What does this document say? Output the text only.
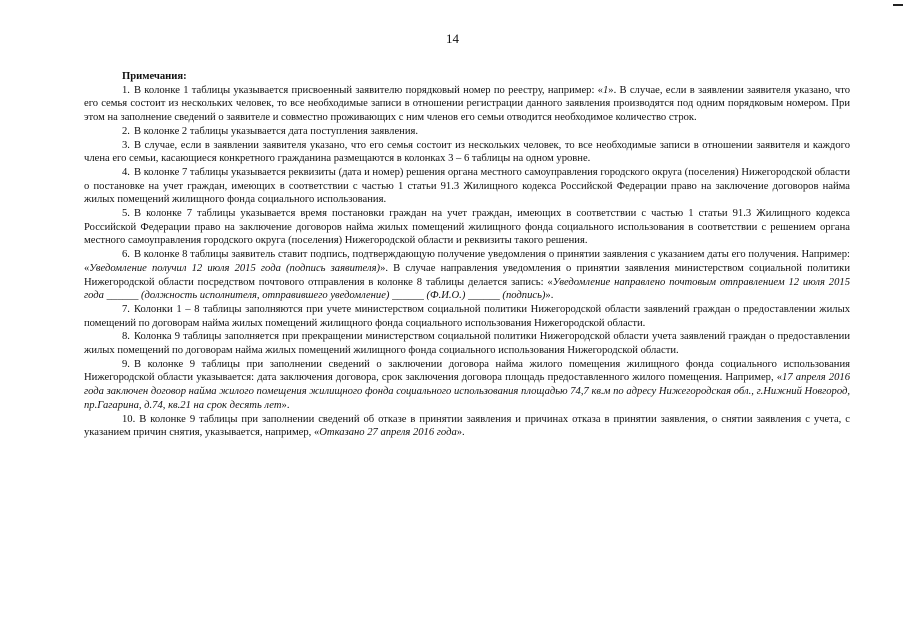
14
Примечания:

1. В колонке 1 таблицы указывается присвоенный заявителю порядковый номер по реестру, например: «1». В случае, если в заявлении заявителя указано, что его семья состоит из нескольких человек, то все необходимые записи в отношении регистрации данного заявления производятся под одним порядковым номером. При этом на заполнение сведений о заявителе и совместно проживающих с ним членов его семьи отводится необходимое количество строк.

2. В колонке 2 таблицы указывается дата поступления заявления.

3. В случае, если в заявлении заявителя указано, что его семья состоит из нескольких человек, то все необходимые записи в отношении заявителя и каждого члена его семьи, касающиеся конкретного гражданина размещаются в колонках 3 – 6 таблицы на одном уровне.

4. В колонке 7 таблицы указывается реквизиты (дата и номер) решения органа местного самоуправления городского округа (поселения) Нижегородской области о постановке на учет граждан, имеющих в соответствии с частью 1 статьи 91.3 Жилищного кодекса Российской Федерации право на заключение договоров найма жилых помещений жилищного фонда социального использования.

5. В колонке 7 таблицы указывается время постановки граждан на учет граждан, имеющих в соответствии с частью 1 статьи 91.3 Жилищного кодекса Российской Федерации право на заключение договоров найма жилых помещений жилищного фонда социального использования в соответствии с решением органа местного самоуправления городского округа (поселения) Нижегородской области и реквизиты такого решения.

6. В колонке 8 таблицы заявитель ставит подпись, подтверждающую получение уведомления о принятии заявления с указанием даты его получения. Например: «Уведомление получил 12 июля 2015 года (подпись заявителя)». В случае направления уведомления о принятии заявления министерством социальной политики Нижегородской области посредством почтового отправления в колонке 8 таблицы делается запись: «Уведомление направлено почтовым отправлением 12 июля 2015 года ______ (должность исполнителя, отправившего уведомление) ______ (Ф.И.О.) ______ (подпись)».

7. Колонки 1 – 8 таблицы заполняются при учете министерством социальной политики Нижегородской области заявлений граждан о предоставлении жилых помещений по договорам найма жилых помещений жилищного фонда социального использования Нижегородской области.

8. Колонка 9 таблицы заполняется при прекращении министерством социальной политики Нижегородской области учета заявлений граждан о предоставлении жилых помещений по договорам найма жилых помещений жилищного фонда социального использования Нижегородской области.

9. В колонке 9 таблицы при заполнении сведений о заключении договора найма жилого помещения жилищного фонда социального использования Нижегородской области указывается: дата заключения договора, срок заключения договора площадь предоставленного жилого помещения. Например, «17 апреля 2016 года заключен договор найма жилого помещения жилищного фонда социального использования площадью 74,7 кв.м по адресу Нижегородская обл., г.Нижний Новгород, пр.Гагарина, д.74, кв.21 на срок десять лет».

10. В колонке 9 таблицы при заполнении сведений об отказе в принятии заявления и причинах отказа в принятии заявления, о снятии заявления с учета, с указанием причин снятия, указывается, например, «Отказано 27 апреля 2016 года».
